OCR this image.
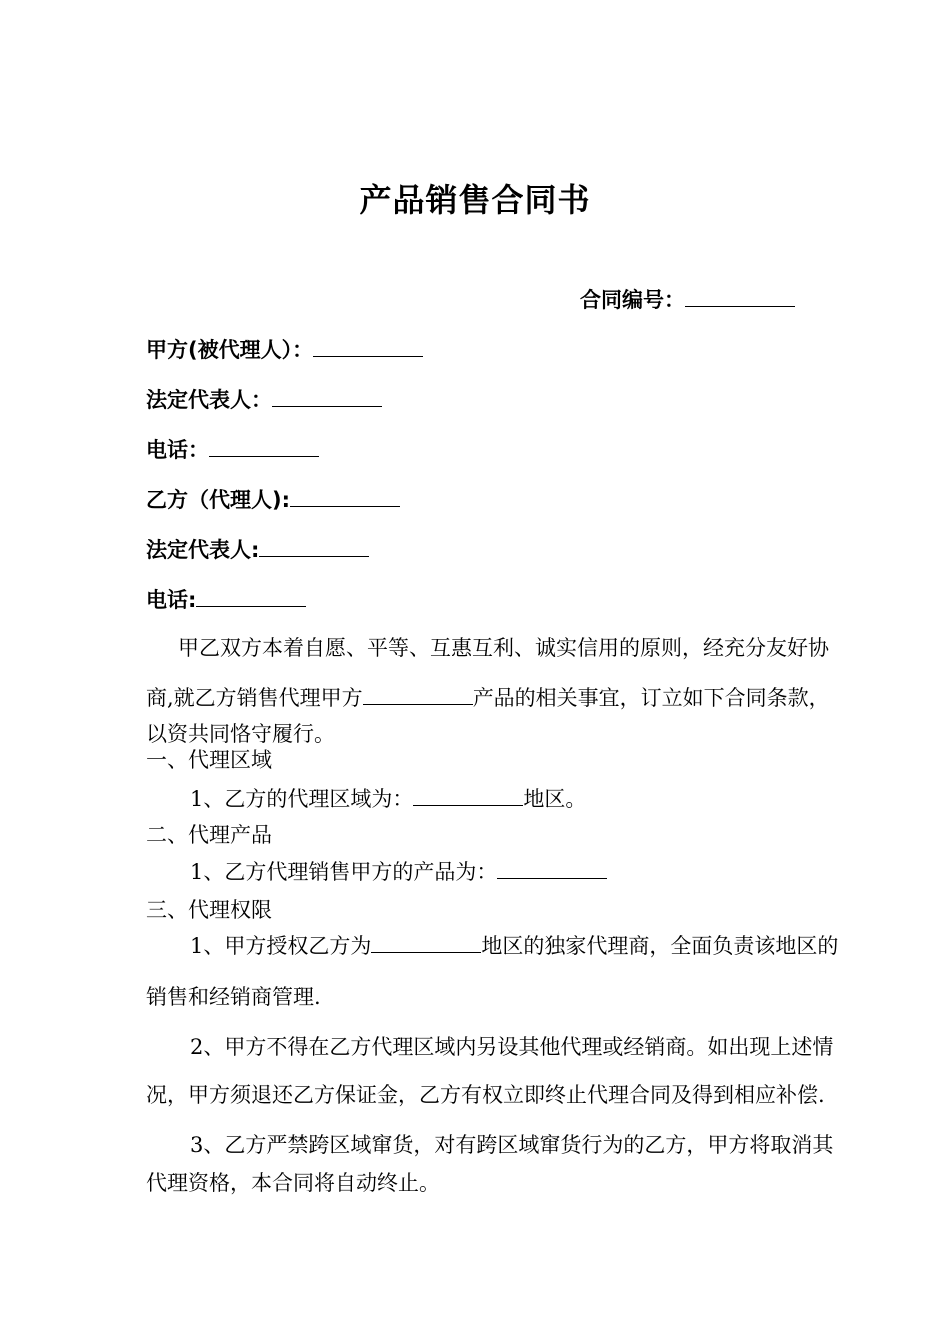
产品销售合同书
合同编号：
甲方(被代理人）：
法定代表人：
电话：
乙方（代理人):
法定代表人:
电话:
甲乙双方本着自愿、平等、互惠互利、诚实信用的原则，经充分友好协
商,就乙方销售代理甲方	产品的相关事宜，订立如下合同条款，
以资共同恪守履行。
一、代理区域
1、乙方的代理区域为：	地区。
二、代理产品
1、乙方代理销售甲方的产品为：
三、代理权限
1、甲方授权乙方为	地区的独家代理商，全面负责该地区的
销售和经销商管理.
2、甲方不得在乙方代理区域内另设其他代理或经销商。如出现上述情
况，甲方须退还乙方保证金，乙方有权立即终止代理合同及得到相应补偿.
3、乙方严禁跨区域窜货，对有跨区域窜货行为的乙方，甲方将取消其
代理资格，本合同将自动终止。
